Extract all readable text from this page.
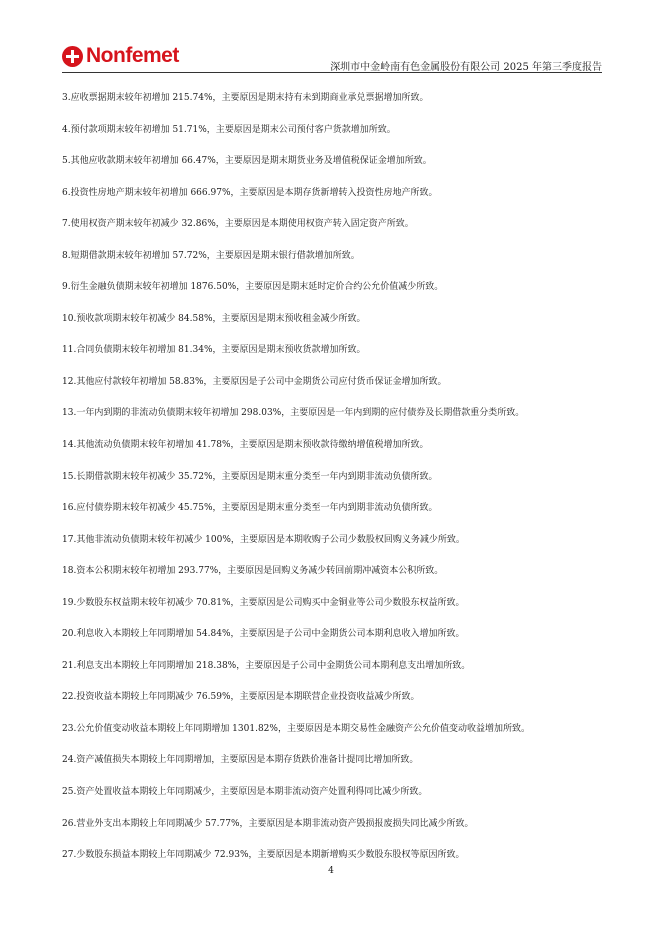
Nonfemet
深圳市中金岭南有色金属股份有限公司 2025 年第三季度报告
3.应收票据期末较年初增加 215.74%，主要原因是期末持有未到期商业承兑票据增加所致。
4.预付款项期末较年初增加 51.71%，主要原因是期末公司预付客户货款增加所致。
5.其他应收款期末较年初增加 66.47%，主要原因是期末期货业务及增值税保证金增加所致。
6.投资性房地产期末较年初增加 666.97%，主要原因是本期存货新增转入投资性房地产所致。
7.使用权资产期末较年初减少 32.86%，主要原因是本期使用权资产转入固定资产所致。
8.短期借款期末较年初增加 57.72%，主要原因是期末银行借款增加所致。
9.衍生金融负债期末较年初增加 1876.50%，主要原因是期末延时定价合约公允价值减少所致。
10.预收款项期末较年初减少 84.58%，主要原因是期末预收租金减少所致。
11.合同负债期末较年初增加 81.34%，主要原因是期末预收货款增加所致。
12.其他应付款较年初增加 58.83%，主要原因是子公司中金期货公司应付货币保证金增加所致。
13.一年内到期的非流动负债期末较年初增加 298.03%，主要原因是一年内到期的应付债券及长期借款重分类所致。
14.其他流动负债期末较年初增加 41.78%，主要原因是期末预收款待缴纳增值税增加所致。
15.长期借款期末较年初减少 35.72%，主要原因是期末重分类至一年内到期非流动负债所致。
16.应付债券期末较年初减少 45.75%，主要原因是期末重分类至一年内到期非流动负债所致。
17.其他非流动负债期末较年初减少 100%，主要原因是本期收购子公司少数股权回购义务减少所致。
18.资本公积期末较年初增加 293.77%，主要原因是回购义务减少转回前期冲减资本公积所致。
19.少数股东权益期末较年初减少 70.81%，主要原因是公司购买中金铜业等公司少数股东权益所致。
20.利息收入本期较上年同期增加 54.84%，主要原因是子公司中金期货公司本期利息收入增加所致。
21.利息支出本期较上年同期增加 218.38%，主要原因是子公司中金期货公司本期利息支出增加所致。
22.投资收益本期较上年同期减少 76.59%，主要原因是本期联营企业投资收益减少所致。
23.公允价值变动收益本期较上年同期增加 1301.82%，主要原因是本期交易性金融资产公允价值变动收益增加所致。
24.资产减值损失本期较上年同期增加，主要原因是本期存货跌价准备计提同比增加所致。
25.资产处置收益本期较上年同期减少，主要原因是本期非流动资产处置利得同比减少所致。
26.营业外支出本期较上年同期减少 57.77%，主要原因是本期非流动资产毁损报废损失同比减少所致。
27.少数股东损益本期较上年同期减少 72.93%，主要原因是本期新增购买少数股东股权等原因所致。
4
